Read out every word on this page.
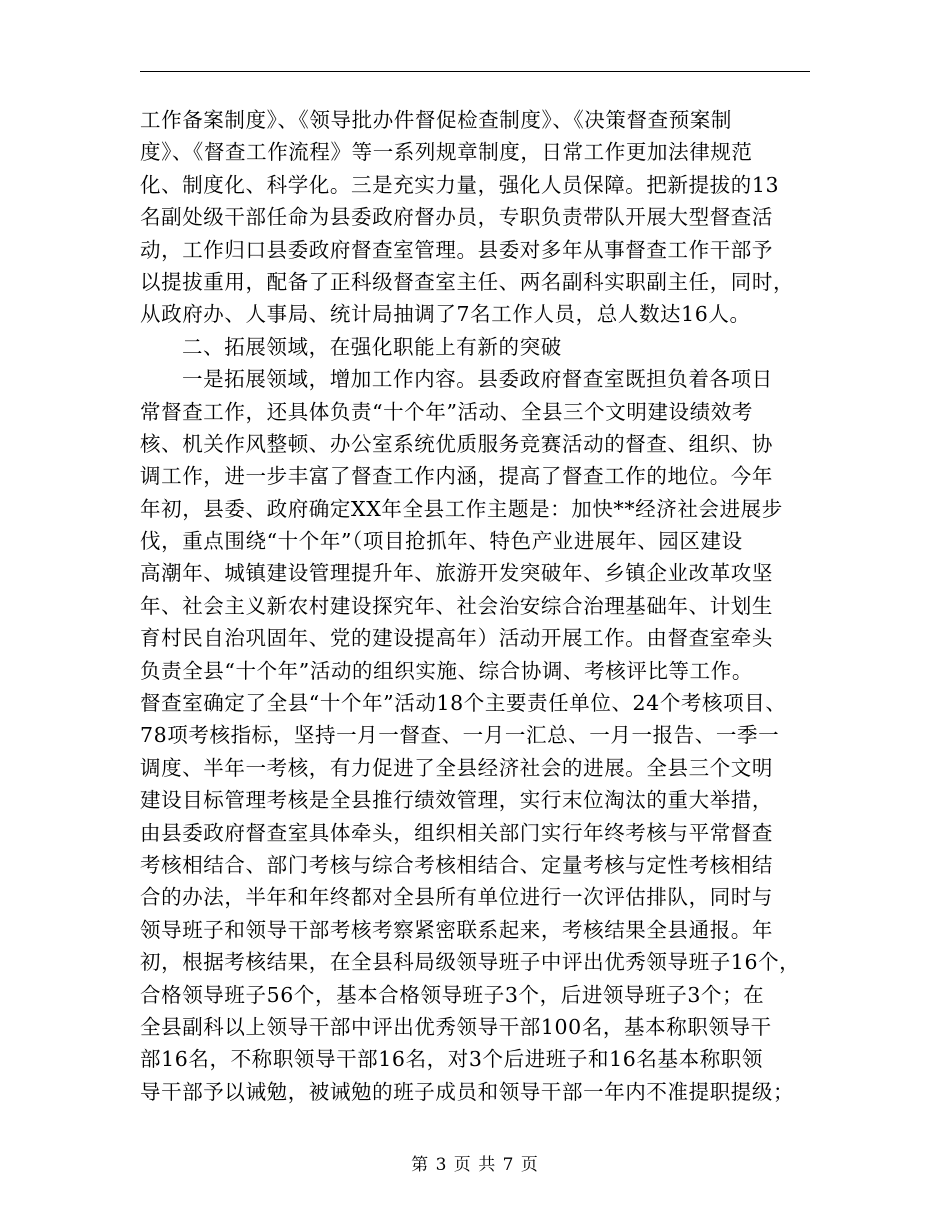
工作备案制度》、《领导批办件督促检查制度》、《决策督查预案制
度》、《督查工作流程》等一系列规章制度，日常工作更加法律规范
化、制度化、科学化。三是充实力量，强化人员保障。把新提拔的13
名副处级干部任命为县委政府督办员，专职负责带队开展大型督查活
动，工作归口县委政府督查室管理。县委对多年从事督查工作干部予
以提拔重用，配备了正科级督查室主任、两名副科实职副主任，同时，
从政府办、人事局、统计局抽调了7名工作人员，总人数达16人。
二、拓展领域，在强化职能上有新的突破
一是拓展领域，增加工作内容。县委政府督查室既担负着各项日
常督查工作，还具体负责“十个年”活动、全县三个文明建设绩效考
核、机关作风整顿、办公室系统优质服务竞赛活动的督查、组织、协
调工作，进一步丰富了督查工作内涵，提高了督查工作的地位。今年
年初，县委、政府确定XX年全县工作主题是：加快**经济社会进展步
伐，重点围绕“十个年”（项目抢抓年、特色产业进展年、园区建设
高潮年、城镇建设管理提升年、旅游开发突破年、乡镇企业改革攻坚
年、社会主义新农村建设探究年、社会治安综合治理基础年、计划生
育村民自治巩固年、党的建设提高年）活动开展工作。由督查室牵头
负责全县“十个年”活动的组织实施、综合协调、考核评比等工作。
督查室确定了全县“十个年”活动18个主要责任单位、24个考核项目、
78项考核指标，坚持一月一督查、一月一汇总、一月一报告、一季一
调度、半年一考核，有力促进了全县经济社会的进展。全县三个文明
建设目标管理考核是全县推行绩效管理，实行末位淘汰的重大举措，
由县委政府督查室具体牵头，组织相关部门实行年终考核与平常督查
考核相结合、部门考核与综合考核相结合、定量考核与定性考核相结
合的办法，半年和年终都对全县所有单位进行一次评估排队，同时与
领导班子和领导干部考核考察紧密联系起来，考核结果全县通报。年
初，根据考核结果，在全县科局级领导班子中评出优秀领导班子16个，
合格领导班子56个，基本合格领导班子3个，后进领导班子3个；在
全县副科以上领导干部中评出优秀领导干部100名，基本称职领导干
部16名，不称职领导干部16名，对3个后进班子和16名基本称职领
导干部予以诫勉，被诫勉的班子成员和领导干部一年内不准提职提级；
第 3 页 共 7 页
